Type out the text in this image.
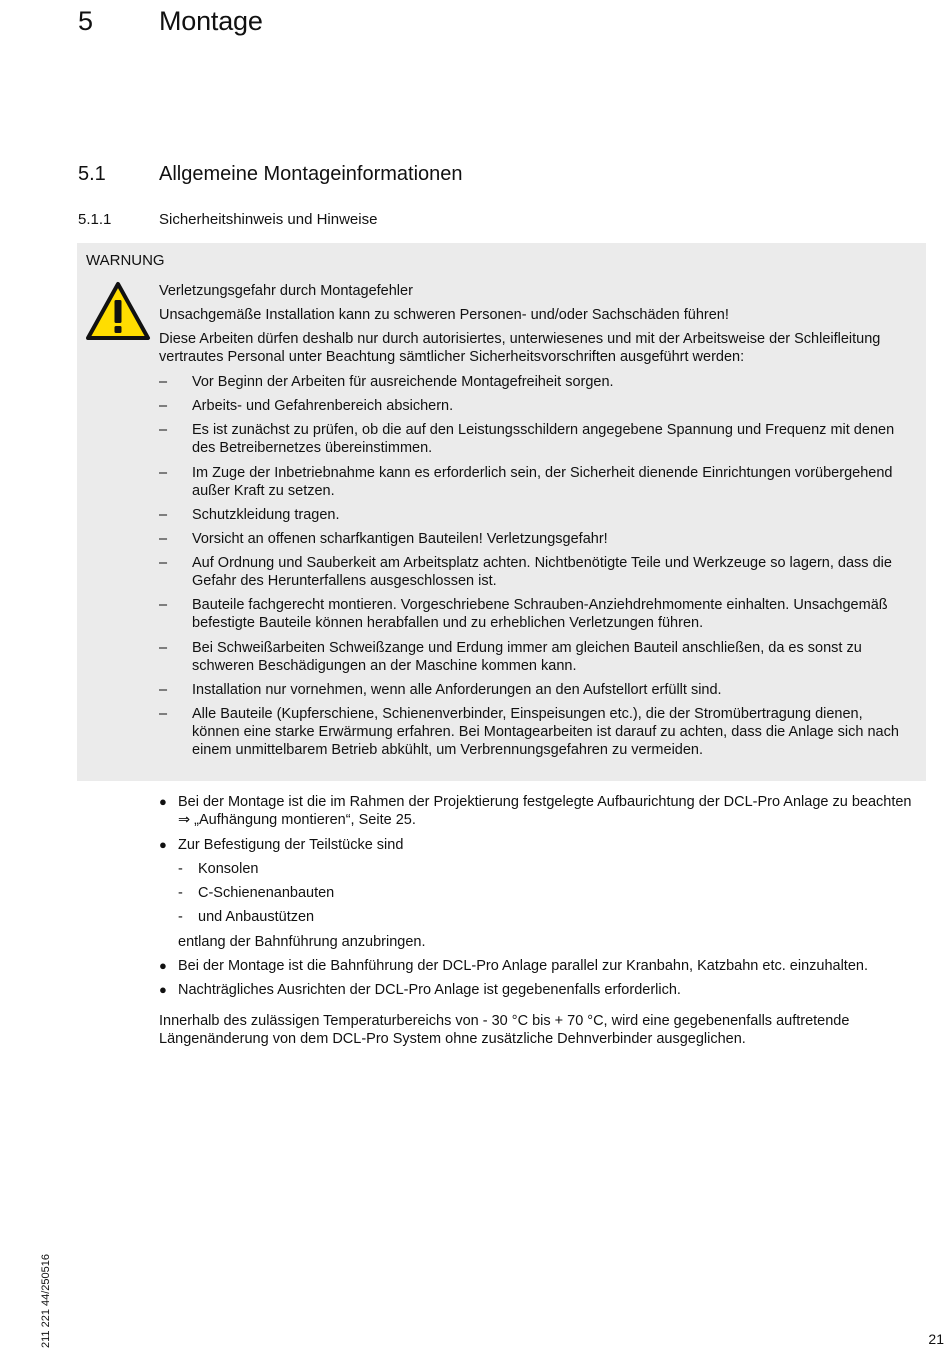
5 Montage
5.1	Allgemeine Montageinformationen
5.1.1	Sicherheitshinweis und Hinweise
WARNUNG
Verletzungsgefahr durch Montagefehler
Unsachgemäße Installation kann zu schweren Personen- und/oder Sachschäden führen!
Diese Arbeiten dürfen deshalb nur durch autorisiertes, unterwiesenes und mit der Arbeitsweise der Schleifleitung vertrautes Personal unter Beachtung sämtlicher Sicherheitsvorschriften ausgeführt werden:
– Vor Beginn der Arbeiten für ausreichende Montagefreiheit sorgen.
– Arbeits- und Gefahrenbereich absichern.
– Es ist zunächst zu prüfen, ob die auf den Leistungsschildern angegebene Spannung und Frequenz mit denen des Betreibernetzes übereinstimmen.
– Im Zuge der Inbetriebnahme kann es erforderlich sein, der Sicherheit dienende Einrichtungen vorübergehend außer Kraft zu setzen.
– Schutzkleidung tragen.
– Vorsicht an offenen scharfkantigen Bauteilen! Verletzungsgefahr!
– Auf Ordnung und Sauberkeit am Arbeitsplatz achten. Nichtbenötigte Teile und Werkzeuge so lagern, dass die Gefahr des Herunterfallens ausgeschlossen ist.
– Bauteile fachgerecht montieren. Vorgeschriebene Schrauben-Anziehdrehmomente einhalten. Unsachgemäß befestigte Bauteile können herabfallen und zu erheblichen Verletzungen führen.
– Bei Schweißarbeiten Schweißzange und Erdung immer am gleichen Bauteil anschließen, da es sonst zu schweren Beschädigungen an der Maschine kommen kann.
– Installation nur vornehmen, wenn alle Anforderungen an den Aufstellort erfüllt sind.
– Alle Bauteile (Kupferschiene, Schienenverbinder, Einspeisungen etc.), die der Stromübertragung dienen, können eine starke Erwärmung erfahren. Bei Montagearbeiten ist darauf zu achten, dass die Anlage sich nach einem unmittelbarem Betrieb abkühlt, um Verbrennungsgefahren zu vermeiden.
● Bei der Montage ist die im Rahmen der Projektierung festgelegte Aufbaurichtung der DCL-Pro Anlage zu beachten ⇒ „Aufhängung montieren“, Seite 25.
● Zur Befestigung der Teilstücke sind
- Konsolen
- C-Schienenanbauten
- und Anbaustützen
entlang der Bahnführung anzubringen.
● Bei der Montage ist die Bahnführung der DCL-Pro Anlage parallel zur Kranbahn, Katzbahn etc. einzuhalten.
● Nachträgliches Ausrichten der DCL-Pro Anlage ist gegebenenfalls erforderlich.
Innerhalb des zulässigen Temperaturbereichs von - 30 °C bis + 70 °C, wird eine gegebenenfalls auftretende Längenänderung von dem DCL-Pro System ohne zusätzliche Dehnverbinder ausgeglichen.
211 221 44/250516	21
